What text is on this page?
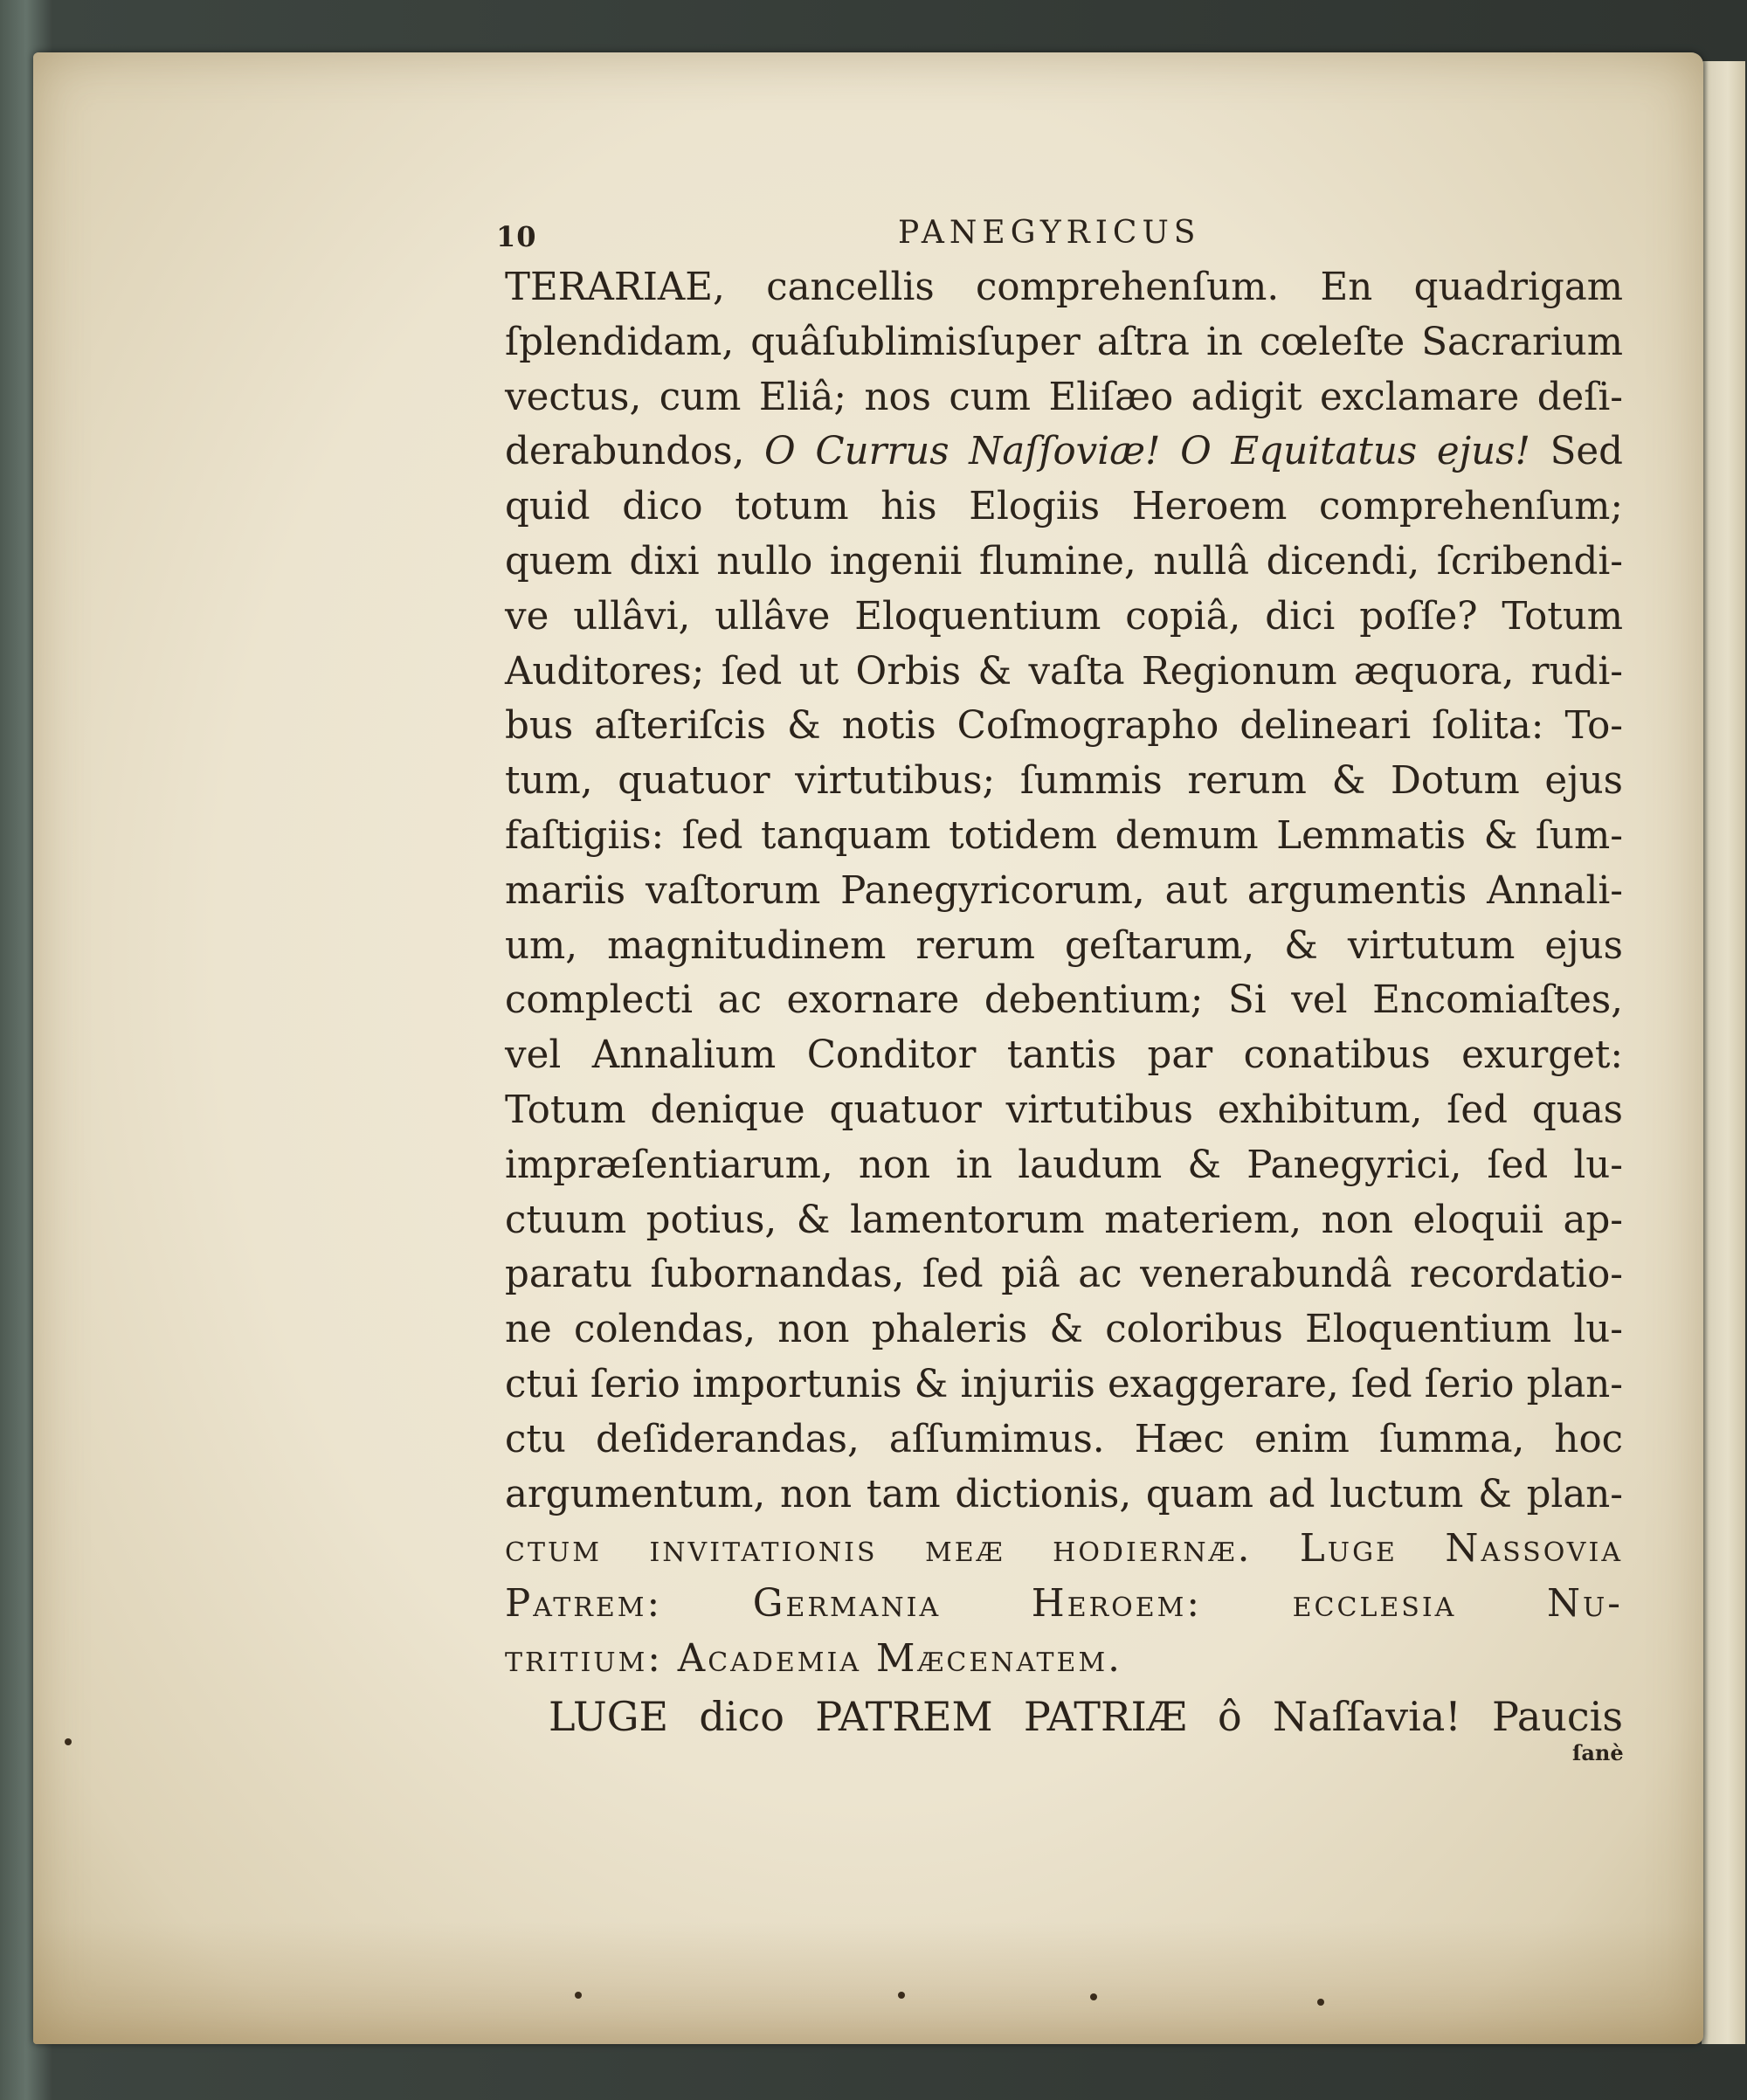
10	PANEGYRICUS
TERARIAE, cancellis comprehenſum. En quadrigam
ſplendidam, quâſublimisſuper aſtra in cœleſte Sacrarium
vectus, cum Eliâ; nos cum Eliſæo adigit exclamare deſi-
derabundos, O Currus Naſſoviæ! O Equitatus ejus! Sed
quid dico totum his Elogiis Heroem comprehenſum;
quem dixi nullo ingenii flumine, nullâ dicendi, ſcribendi-
ve ullâvi, ullâve Eloquentium copiâ, dici poſſe? Totum
Auditores; ſed ut Orbis & vaſta Regionum æquora, rudi-
bus aſteriſcis & notis Coſmographo delineari ſolita: To-
tum, quatuor virtutibus; ſummis rerum & Dotum ejus
faſtigiis: ſed tanquam totidem demum Lemmatis & ſum-
mariis vaſtorum Panegyricorum, aut argumentis Annali-
um, magnitudinem rerum geſtarum, & virtutum ejus
complecti ac exornare debentium; Si vel Encomiaſtes,
vel Annalium Conditor tantis par conatibus exurget:
Totum denique quatuor virtutibus exhibitum, ſed quas
impræſentiarum, non in laudum & Panegyrici, ſed lu-
ctuum potius, & lamentorum materiem, non eloquii ap-
paratu ſubornandas, ſed piâ ac venerabundâ recordatio-
ne colendas, non phaleris & coloribus Eloquentium lu-
ctui ſerio importunis & injuriis exaggerare, ſed ſerio plan-
ctu deſiderandas, aſſumimus. Hæc enim ſumma, hoc
argumentum, non tam dictionis, quam ad luctum & plan-
ctum invitationis meæ hodiernæ. Luge Nassovia
Patrem: Germania Heroem: ecclesia Nu-
tritium: Academia Mæcenatem.
LUGE dico PATREM PATRIÆ ô Naſſavia! Paucis
ſanè
